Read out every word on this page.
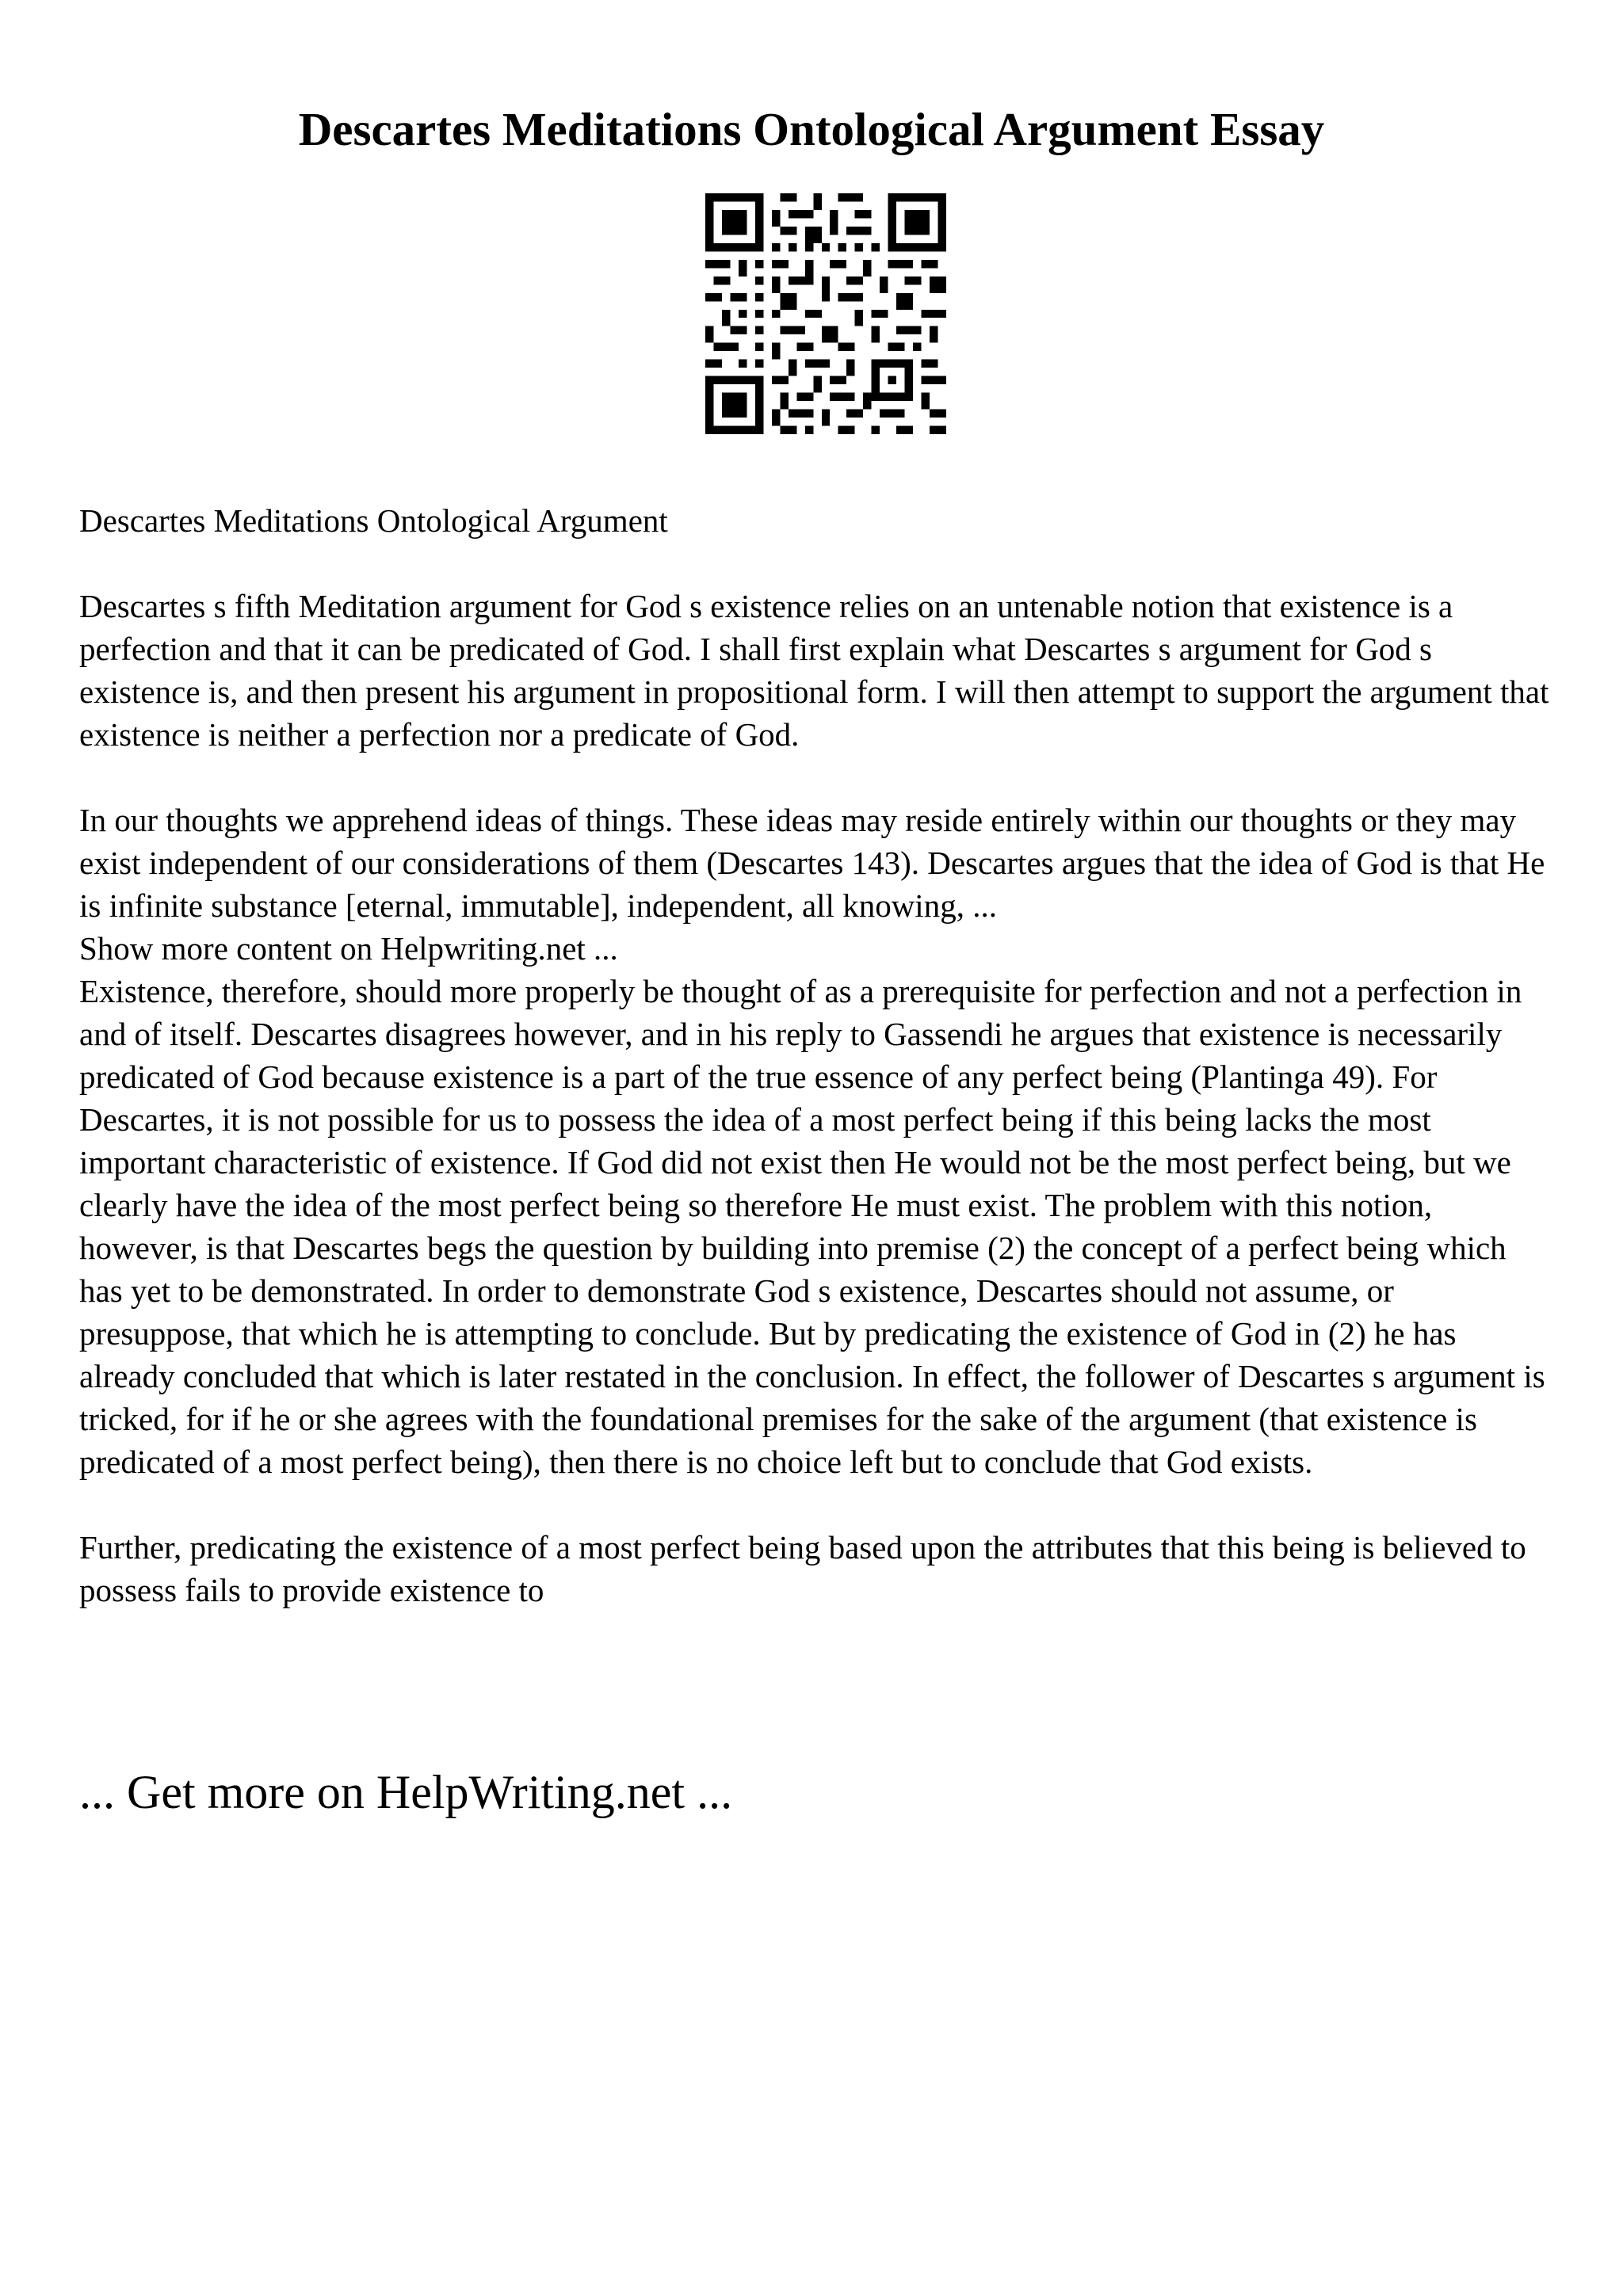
Descartes Meditations Ontological Argument Essay

Descartes Meditations Ontological Argument

Descartes s fifth Meditation argument for God s existence relies on an untenable notion that existence is a perfection and that it can be predicated of God. I shall first explain what Descartes s argument for God s existence is, and then present his argument in propositional form. I will then attempt to support the argument that existence is neither a perfection nor a predicate of God.

In our thoughts we apprehend ideas of things. These ideas may reside entirely within our thoughts or they may exist independent of our considerations of them (Descartes 143). Descartes argues that the idea of God is that He is infinite substance [eternal, immutable], independent, all knowing, ...

Show more content on Helpwriting.net ...

Existence, therefore, should more properly be thought of as a prerequisite for perfection and not a perfection in and of itself. Descartes disagrees however, and in his reply to Gassendi he argues that existence is necessarily predicated of God because existence is a part of the true essence of any perfect being (Plantinga 49). For Descartes, it is not possible for us to possess the idea of a most perfect being if this being lacks the most important characteristic of existence. If God did not exist then He would not be the most perfect being, but we clearly have the idea of the most perfect being so therefore He must exist. The problem with this notion, however, is that Descartes begs the question by building into premise (2) the concept of a perfect being which has yet to be demonstrated. In order to demonstrate God s existence, Descartes should not assume, or presuppose, that which he is attempting to conclude. But by predicating the existence of God in (2) he has already concluded that which is later restated in the conclusion. In effect, the follower of Descartes s argument is tricked, for if he or she agrees with the foundational premises for the sake of the argument (that existence is predicated of a most perfect being), then there is no choice left but to conclude that God exists.

Further, predicating the existence of a most perfect being based upon the attributes that this being is believed to possess fails to provide existence to

... Get more on HelpWriting.net ...
